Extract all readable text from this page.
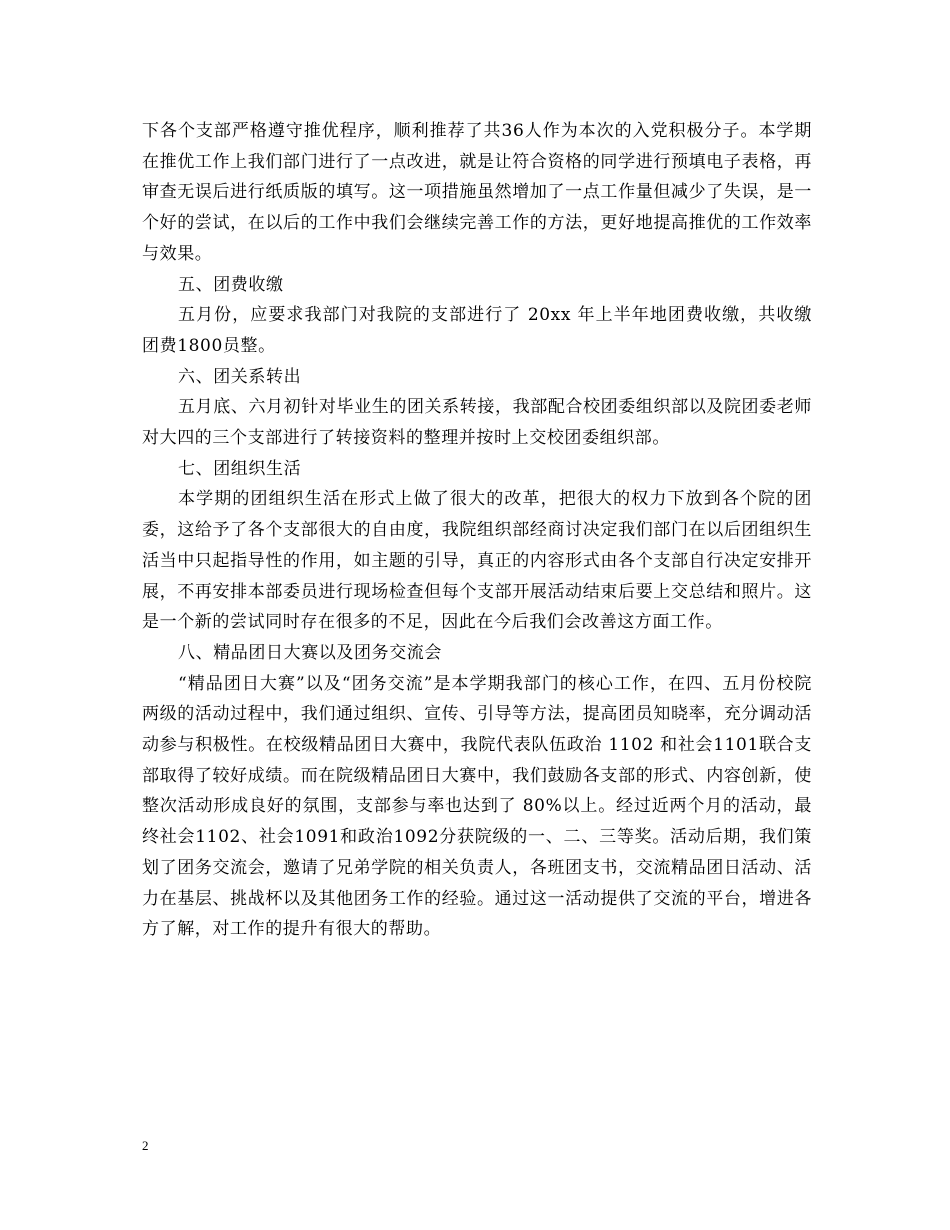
下各个支部严格遵守推优程序，顺利推荐了共36人作为本次的入党积极分子。本学期在推优工作上我们部门进行了一点改进，就是让符合资格的同学进行预填电子表格，再审查无误后进行纸质版的填写。这一项措施虽然增加了一点工作量但减少了失误，是一个好的尝试，在以后的工作中我们会继续完善工作的方法，更好地提高推优的工作效率与效果。

五、团费收缴

五月份，应要求我部门对我院的支部进行了 20xx 年上半年地团费收缴，共收缴团费1800员整。

六、团关系转出

五月底、六月初针对毕业生的团关系转接，我部配合校团委组织部以及院团委老师对大四的三个支部进行了转接资料的整理并按时上交校团委组织部。

七、团组织生活

本学期的团组织生活在形式上做了很大的改革，把很大的权力下放到各个院的团委，这给予了各个支部很大的自由度，我院组织部经商讨决定我们部门在以后团组织生活当中只起指导性的作用，如主题的引导，真正的内容形式由各个支部自行决定安排开展，不再安排本部委员进行现场检查但每个支部开展活动结束后要上交总结和照片。这是一个新的尝试同时存在很多的不足，因此在今后我们会改善这方面工作。

八、精品团日大赛以及团务交流会

“精品团日大赛”以及“团务交流”是本学期我部门的核心工作，在四、五月份校院两级的活动过程中，我们通过组织、宣传、引导等方法，提高团员知晓率，充分调动活动参与积极性。在校级精品团日大赛中，我院代表队伍政治 1102 和社会1101联合支部取得了较好成绩。而在院级精品团日大赛中，我们鼓励各支部的形式、内容创新，使整次活动形成良好的氛围，支部参与率也达到了 80%以上。经过近两个月的活动，最终社会1102、社会1091和政治1092分获院级的一、二、三等奖。活动后期，我们策划了团务交流会，邀请了兄弟学院的相关负责人，各班团支书，交流精品团日活动、活力在基层、挑战杯以及其他团务工作的经验。通过这一活动提供了交流的平台，增进各方了解，对工作的提升有很大的帮助。

2
